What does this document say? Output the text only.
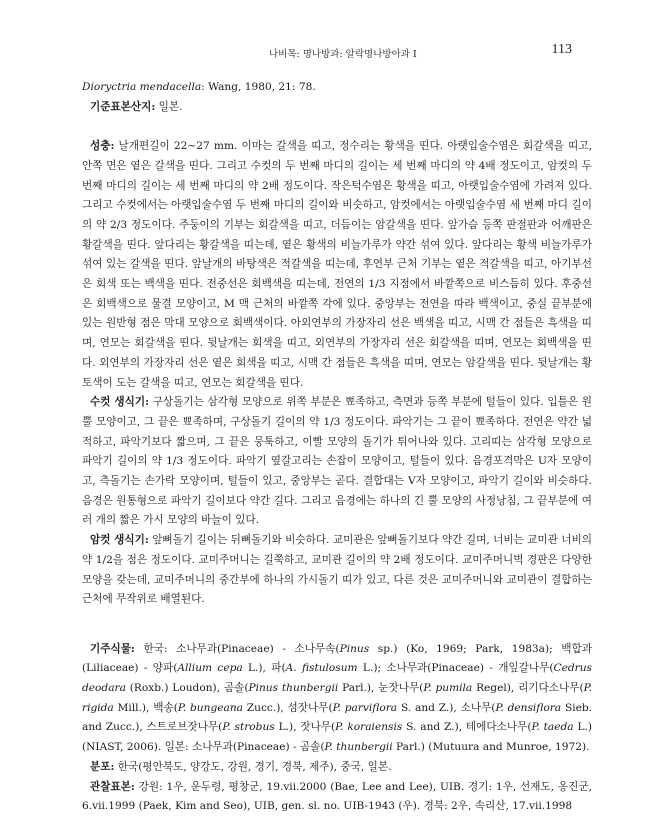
나비목: 명나방과: 알락명나방아과 I	113

Dioryctria mendacella: Wang, 1980, 21: 78.

기준표본산지: 일본.

성충: 날개편길이 22~27 mm. 이마는 갈색을 띠고, 정수리는 황색을 띤다. 아랫입술수염은 회갈색을 띠고, 안쪽 면은 옅은 갈색을 띤다. 그리고 수컷의 두 번째 마디의 길이는 세 번째 마디의 약 4배 정도이고, 암컷의 두 번째 마디의 길이는 세 번째 마디의 약 2배 정도이다. 작은턱수염은 황색을 띠고, 아랫입술수염에 가려져 있다. 그리고 수컷에서는 아랫입술수염 두 번째 마디의 길이와 비슷하고, 암컷에서는 아랫입술수염 세 번째 마디 길이의 약 2/3 정도이다. 주둥이의 기부는 회갈색을 띠고, 더듬이는 암갈색을 띤다. 앞가슴 등쪽 판절판과 어깨판은 황갈색을 띤다. 앞다리는 황갈색을 띠는데, 옅은 황색의 비늘가루가 약간 섞여 있다. 앞다리는 황색 비늘가루가 섞여 있는 갈색을 띤다. 앞날개의 바탕색은 적갈색을 띠는데, 후연부 근처 기부는 옅은 적갈색을 띠고, 아기부선은 회색 또는 백색을 띤다. 전중선은 회백색을 띠는데, 전연의 1/3 지점에서 바깥쪽으로 비스듬히 있다. 후중선은 회백색으로 물결 모양이고, M 맥 근처의 바깥쪽 각에 있다. 중앙부는 전연을 따라 백색이고, 중실 끝부분에 있는 원반형 점은 막대 모양으로 회백색이다. 아외연부의 가장자리 선은 백색을 띠고, 시맥 간 점들은 흑색을 띠며, 연모는 회갈색을 띤다. 뒷날개는 회색을 띠고, 외연부의 가장자리 선은 회갈색을 띠며, 연모는 회백색을 띤다. 외연부의 가장자리 선은 옅은 회색을 띠고, 시맥 간 점들은 흑색을 띠며, 연모는 암갈색을 띤다. 뒷날개는 황토색이 도는 갈색을 띠고, 연모는 회갈색을 띤다.

수컷 생식기: 구상돌기는 삼각형 모양으로 위쪽 부분은 뾰족하고, 측면과 등쪽 부분에 털들이 있다. 입틀은 원뿔 모양이고, 그 끝은 뾰족하며, 구상돌기 길이의 약 1/3 정도이다. 파악기는 그 끝이 뾰족하다. 전연은 약간 넓적하고, 파악기보다 짧으며, 그 끝은 뭉툭하고, 이빨 모양의 돌기가 튀어나와 있다. 고리띠는 삼각형 모양으로 파악기 길이의 약 1/3 정도이다. 파악기 옆갈고리는 손잡이 모양이고, 털들이 있다. 음경포격막은 U자 모양이고, 측돌기는 손가락 모양이며, 털들이 있고, 중앙부는 곧다. 결합대는 V자 모양이고, 파악기 길이와 비슷하다. 음경은 원통형으로 파악기 길이보다 약간 길다. 그리고 음경에는 하나의 긴 뿔 모양의 사정낭침, 그 끝부분에 여러 개의 짧은 가시 모양의 바늘이 있다.

암컷 생식기: 앞뼈돌기 길이는 뒤뼈돌기와 비슷하다. 교미관은 앞뼈돌기보다 약간 길며, 너비는 교미관 너비의 약 1/2을 점은 정도이다. 교미주머니는 길쭉하고, 교미관 길이의 약 2배 정도이다. 교미주머니벽 경판은 다양한 모양을 갖는데, 교미주머니의 중간부에 하나의 가시돌기 띠가 있고, 다른 것은 교미주머니와 교미관이 결합하는 근처에 무작위로 배열된다.

기주식물: 한국: 소나무과(Pinaceae) - 소나무속(Pinus sp.) (Ko, 1969; Park, 1983a); 백합과(Liliaceae) - 양파(Allium cepa L.), 파(A. fistulosum L.); 소나무과(Pinaceae) - 개잎갈나무(Cedrus deodara (Roxb.) Loudon), 곰솔(Pinus thunbergii Parl.), 눈잣나무(P. pumila Regel), 리기다소나무(P. rigida Mill.), 백송(P. bungeana Zucc.), 섬잣나무(P. parviflora S. and Z.), 소나무(P. densiflora Sieb. and Zucc.), 스트로브잣나무(P. strobus L.), 잣나무(P. koraiensis S. and Z.), 테에다소나무(P. taeda L.) (NIAST, 2006). 일본: 소나무과(Pinaceae) - 곰솔(P. thunbergii Parl.) (Mutuura and Munroe, 1972).

분포: 한국(평안북도, 양강도, 강원, 경기, 경북, 제주), 중국, 일본.

관찰표본: 강원: 1우, 운두령, 평창군, 19.vii.2000 (Bae, Lee and Lee), UIB. 경기: 1우, 선재도, 옹진군, 6.vii.1999 (Paek, Kim and Seo), UIB, gen. sl. no. UIB-1943 (우). 경북: 2우, 속리산, 17.vii.1998
